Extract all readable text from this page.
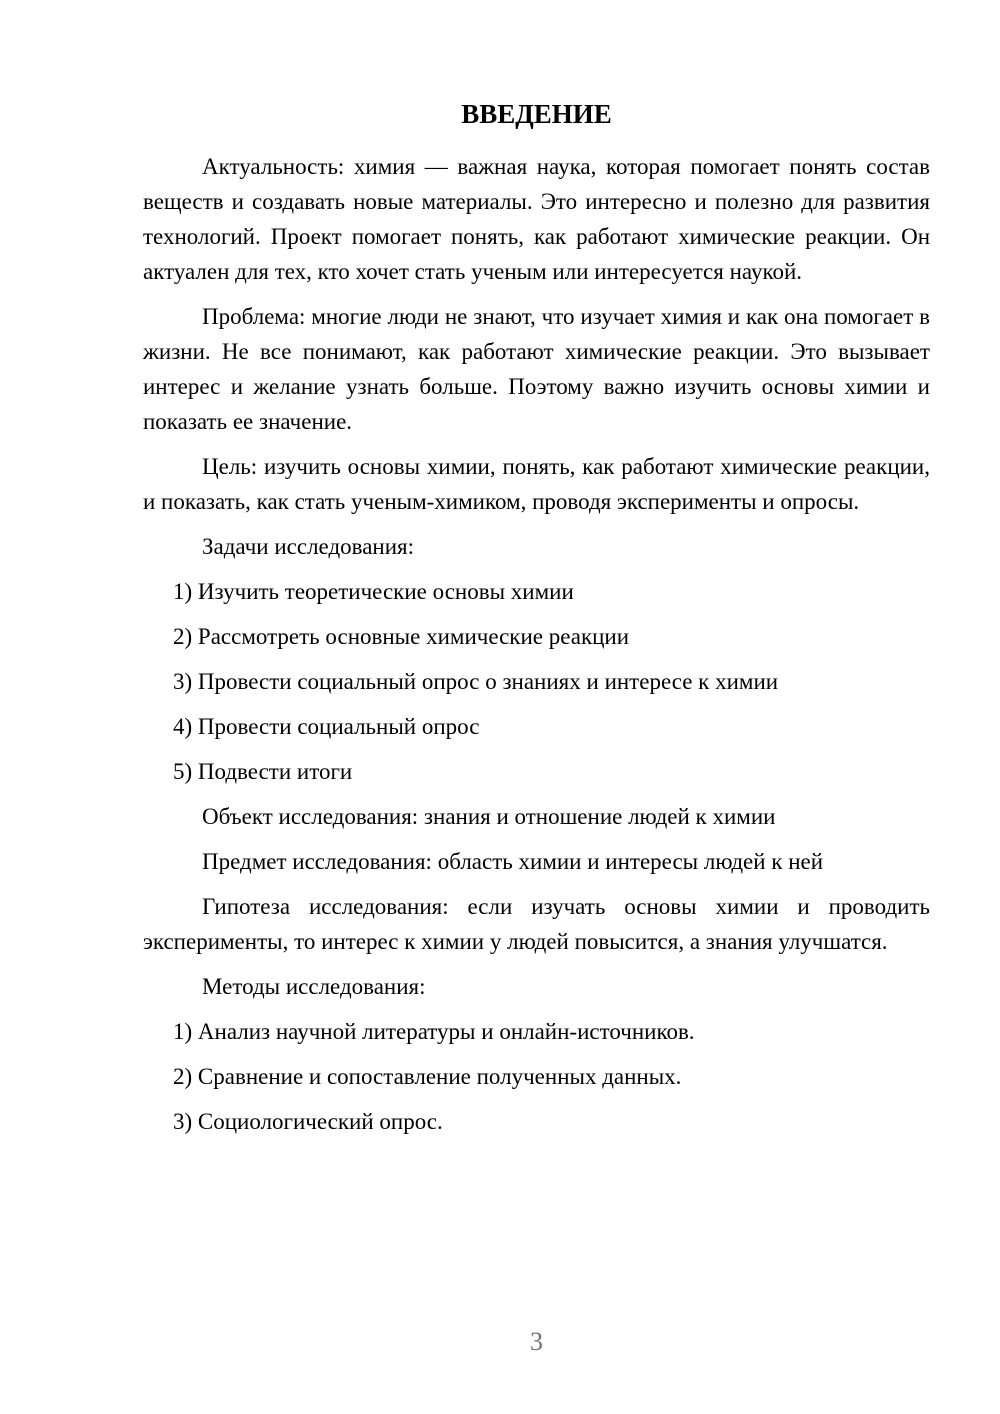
ВВЕДЕНИЕ

Актуальность: химия — важная наука, которая помогает понять состав веществ и создавать новые материалы. Это интересно и полезно для развития технологий. Проект помогает понять, как работают химические реакции. Он актуален для тех, кто хочет стать ученым или интересуется наукой.

Проблема: многие люди не знают, что изучает химия и как она помогает в жизни. Не все понимают, как работают химические реакции. Это вызывает интерес и желание узнать больше. Поэтому важно изучить основы химии и показать ее значение.

Цель: изучить основы химии, понять, как работают химические реакции, и показать, как стать ученым-химиком, проводя эксперименты и опросы.

Задачи исследования:

1) Изучить теоретические основы химии

2) Рассмотреть основные химические реакции

3) Провести социальный опрос о знаниях и интересе к химии

4) Провести социальный опрос

5) Подвести итоги

Объект исследования: знания и отношение людей к химии

Предмет исследования: область химии и интересы людей к ней

Гипотеза исследования: если изучать основы химии и проводить эксперименты, то интерес к химии у людей повысится, а знания улучшатся.

Методы исследования:

1) Анализ научной литературы и онлайн-источников.

2) Сравнение и сопоставление полученных данных.

3) Социологический опрос.

3
